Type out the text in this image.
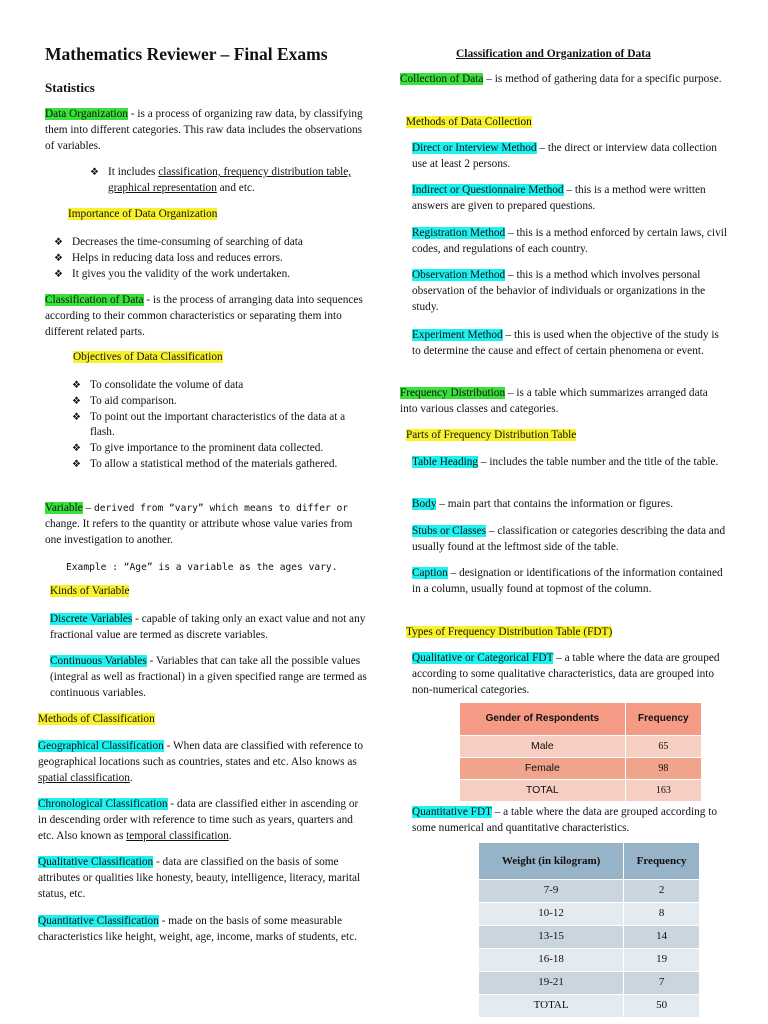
Mathematics Reviewer – Final Exams
Statistics
Data Organization - is a process of organizing raw data, by classifying them into different categories. This raw data includes the observations of variables.
❖ It includes classification, frequency distribution table, graphical representation and etc.
Importance of Data Organization
❖ Decreases the time-consuming of searching of data
❖ Helps in reducing data loss and reduces errors.
❖ It gives you the validity of the work undertaken.
Classification of Data - is the process of arranging data into sequences according to their common characteristics or separating them into different related parts.
Objectives of Data Classification
❖ To consolidate the volume of data
❖ To aid comparison.
❖ To point out the important characteristics of the data at a flash.
❖ To give importance to the prominent data collected.
❖ To allow a statistical method of the materials gathered.
Variable – derived from “vary” which means to differ or change. It refers to the quantity or attribute whose value varies from one investigation to another.
Example : “Age” is a variable as the ages vary.
Kinds of Variable
Discrete Variables - capable of taking only an exact value and not any fractional value are termed as discrete variables.
Continuous Variables - Variables that can take all the possible values (integral as well as fractional) in a given specified range are termed as continuous variables.
Methods of Classification
Geographical Classification - When data are classified with reference to geographical locations such as countries, states and etc. Also knows as spatial classification.
Chronological Classification - data are classified either in ascending or in descending order with reference to time such as years, quarters and etc. Also known as temporal classification.
Qualitative Classification - data are classified on the basis of some attributes or qualities like honesty, beauty, intelligence, literacy, marital status, etc.
Quantitative Classification - made on the basis of some measurable characteristics like height, weight, age, income, marks of students, etc.
Classification and Organization of Data
Collection of Data – is method of gathering data for a specific purpose.
Methods of Data Collection
Direct or Interview Method – the direct or interview data collection use at least 2 persons.
Indirect or Questionnaire Method – this is a method were written answers are given to prepared questions.
Registration Method – this is a method enforced by certain laws, civil codes, and regulations of each country.
Observation Method – this is a method which involves personal observation of the behavior of individuals or organizations in the study.
Experiment Method – this is used when the objective of the study is to determine the cause and effect of certain phenomena or event.
Frequency Distribution – is a table which summarizes arranged data into various classes and categories.
Parts of Frequency Distribution Table
Table Heading – includes the table number and the title of the table.
Body – main part that contains the information or figures.
Stubs or Classes – classification or categories describing the data and usually found at the leftmost side of the table.
Caption – designation or identifications of the information contained in a column, usually found at topmost of the column.
Types of Frequency Distribution Table (FDT)
Qualitative or Categorical FDT – a table where the data are grouped according to some qualitative characteristics, data are grouped into non-numerical categories.
Gender of Respondents	Frequency
Male	65
Female	98
TOTAL	163
Quantitative FDT – a table where the data are grouped according to some numerical and quantitative characteristics.
Weight (in kilogram)	Frequency
7-9	2
10-12	8
13-15	14
16-18	19
19-21	7
TOTAL	50
